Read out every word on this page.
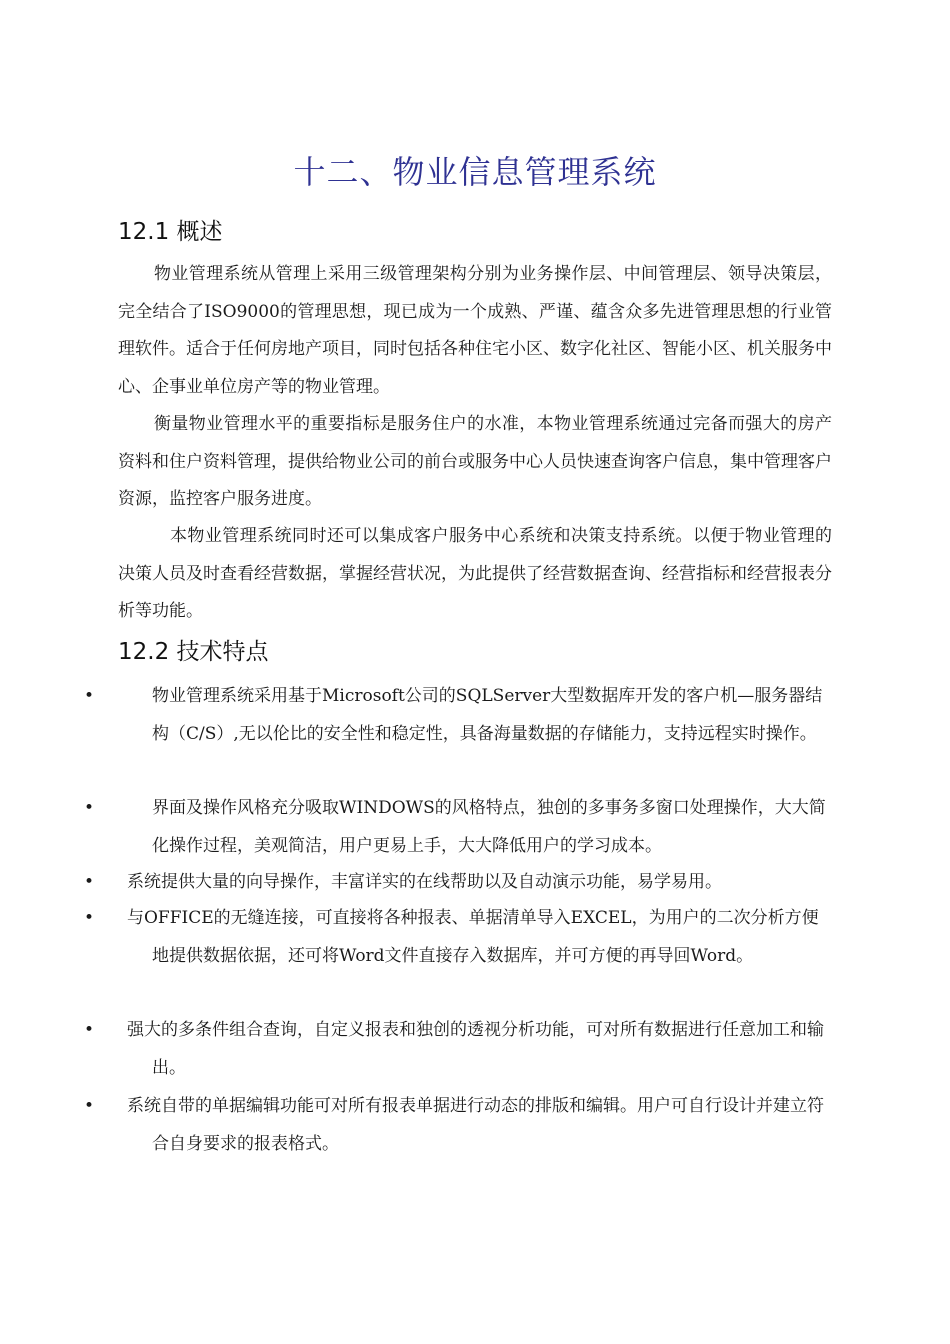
十二、物业信息管理系统
12.1 概述

物业管理系统从管理上采用三级管理架构分别为业务操作层、中间管理层、领导决策层，完全结合了ISO9000的管理思想，现已成为一个成熟、严谨、蕴含众多先进管理思想的行业管理软件。适合于任何房地产项目，同时包括各种住宅小区、数字化社区、智能小区、机关服务中心、企事业单位房产等的物业管理。

衡量物业管理水平的重要指标是服务住户的水准，本物业管理系统通过完备而强大的房产资料和住户资料管理，提供给物业公司的前台或服务中心人员快速查询客户信息，集中管理客户资源，监控客户服务进度。

本物业管理系统同时还可以集成客户服务中心系统和决策支持系统。以便于物业管理的决策人员及时查看经营数据，掌握经营状况，为此提供了经营数据查询、经营指标和经营报表分析等功能。

12.2 技术特点

•	物业管理系统采用基于Microsoft公司的SQLServer大型数据库开发的客户机—服务器结构（C/S）,无以伦比的安全性和稳定性，具备海量数据的存储能力，支持远程实时操作。

•	界面及操作风格充分吸取WINDOWS的风格特点，独创的多事务多窗口处理操作，大大简化操作过程，美观简洁，用户更易上手，大大降低用户的学习成本。

• 系统提供大量的向导操作，丰富详实的在线帮助以及自动演示功能，易学易用。

• 与OFFICE的无缝连接，可直接将各种报表、单据清单导入EXCEL，为用户的二次分析方便地提供数据依据，还可将Word文件直接存入数据库，并可方便的再导回Word。

• 强大的多条件组合查询，自定义报表和独创的透视分析功能，可对所有数据进行任意加工和输出。

• 系统自带的单据编辑功能可对所有报表单据进行动态的排版和编辑。用户可自行设计并建立符合自身要求的报表格式。
